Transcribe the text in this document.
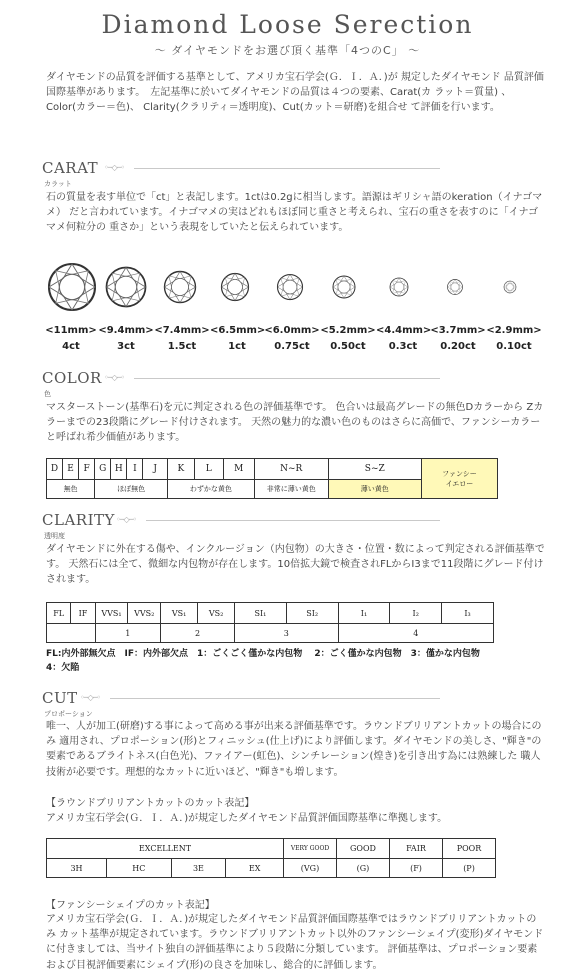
Diamond Loose Serection
～ ダイヤモンドをお選び頂く基準「4つのC」 ～
ダイヤモンドの品質を評価する基準として、アメリカ宝石学会(Ｇ．Ｉ．Ａ．)が 規定したダイヤモンド 品質評価国際基準があります。　左記基準に於いてダイヤモンドの品質は４つの要素、Carat(カ ラット＝質量) 、Color(カラー＝色)、 Clarity(クラリティ＝透明度)、Cut(カット＝研磨)を組合せ て評価を行います。
CARAT ◦─◇─◦
カラット
石の質量を表す単位で「ct」と表記します。1ctは0.2gに相当します。語源はギリシャ語のkeration（イナゴマメ） だと言われています。イナゴマメの実はどれもほぼ同じ重さと考えられ、宝石の重さを表すのに「イナゴマメ何粒分の 重さか」という表現をしていたと伝えられています。
<11mm> <9.4mm> <7.4mm> <6.5mm> <6.0mm> <5.2mm> <4.4mm> <3.7mm> <2.9mm>
4ct	3ct	1.5ct	1ct	0.75ct	0.50ct	0.3ct	0.20ct	0.10ct
COLOR ◦─◇─◦
色
マスターストーン(基準石)を元に判定される色の評価基準です。 色合いは最高グレードの無色Dカラーから Zカラーまでの23段階にグレード付けされます。 天然の魅力的な濃い色のものはさらに高価で、ファンシーカラーと呼ばれ希少価値があります。
D	E	F	G	H	I	J	K	L	M	N~R	S~Z	ファンシー
イエロー
無色			ほぼ無色				わずかな黄色			非常に薄い黄色	薄い黄色	
CLARITY ◦─◇─◦
透明度
ダイヤモンドに外在する傷や、インクルージョン（内包物）の大きさ・位置・数によって判定される評価基準です。 天然石には全て、微細な内包物が存在します。10倍拡大鏡で検査されFLからI3まで11段階にグレード付けされます。
FL	IF	VVS₁	VVS₂	VS₁	VS₂	SI₁	SI₂	I₁	I₂	I₃
		1		2		3		4		
FL:内外部無欠点　IF：内外部欠点　1：ごくごく僅かな内包物　 2：ごく僅かな内包物　3：僅かな内包物
4：欠陥
CUT ◦─◇─◦
プロポーション
唯一、人が加工(研磨)する事によって高める事が出来る評価基準です。ラウンドブリリアントカットの場合にのみ 適用され、プロポーション(形)とフィニッシュ(仕上げ)により評価します。ダイヤモンドの美しさ、"輝き"の 要素であるブライトネス(白色光)、ファイアー(虹色)、シンチレーション(煌き)を引き出す為には熟練した 職人技術が必要です。理想的なカットに近いほど、"輝き"も増します。
【ラウンドブリリアントカットのカット表記】
アメリカ宝石学会(Ｇ．Ｉ．Ａ．)が規定したダイヤモンド品質評価国際基準に準拠します。
EXCELLENT				VERY GOOD	GOOD	FAIR	POOR
3H	HC	3E	EX	(VG)	(G)	(F)	(P)
【ファンシーシェイプのカット表記】
アメリカ宝石学会(Ｇ．Ｉ．Ａ．)が規定したダイヤモンド品質評価国際基準ではラウンドブリリアントカットのみ カット基準が規定されています。ラウンドブリリアントカット以外のファンシーシェイプ(変形)ダイヤモンド に付きましては、当サイト独自の評価基準により５段階に分類しています。 評価基準は、プロポーション要素および目視評価要素にシェイプ(形)の良さを加味し、総合的に評価します。
